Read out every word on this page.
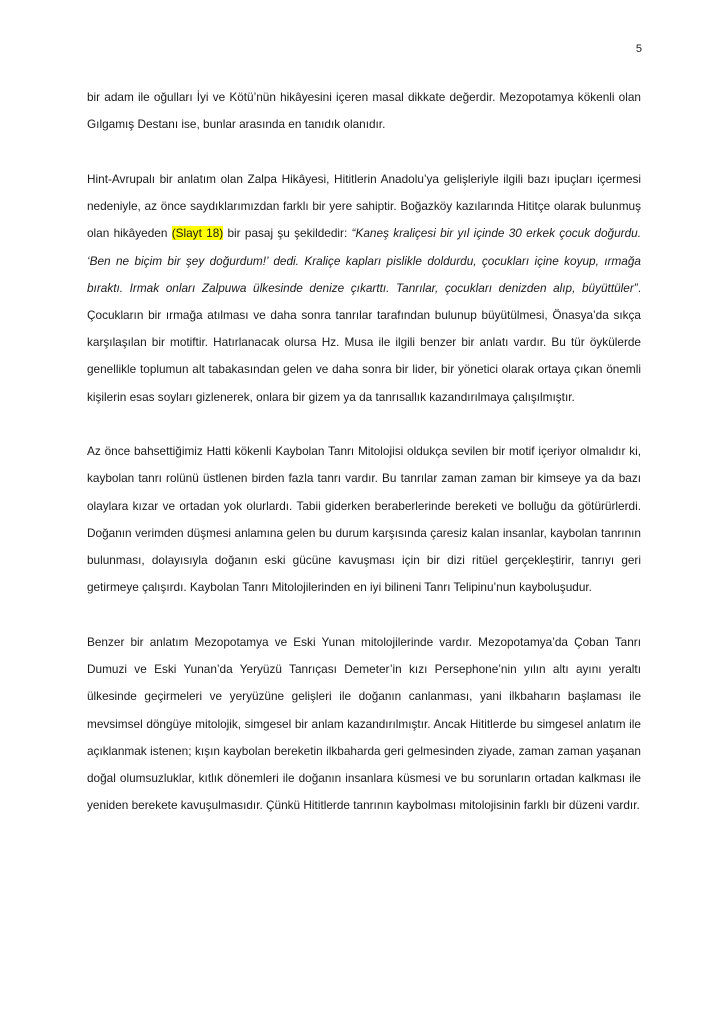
5

bir adam ile oğulları İyi ve Kötü’nün hikâyesini içeren masal dikkate değerdir. Mezopotamya kökenli olan Gılgamış Destanı ise, bunlar arasında en tanıdık olanıdır.

Hint-Avrupalı bir anlatım olan Zalpa Hikâyesi, Hititlerin Anadolu’ya gelişleriyle ilgili bazı ipuçları içermesi nedeniyle, az önce saydıklarımızdan farklı bir yere sahiptir. Boğazköy kazılarında Hititçe olarak bulunmuş olan hikâyeden (Slayt 18) bir pasaj şu şekildedir: “Kaneş kraliçesi bir yıl içinde 30 erkek çocuk doğurdu. ‘Ben ne biçim bir şey doğurdum!’ dedi. Kraliçe kapları pislikle doldurdu, çocukları içine koyup, ırmağa bıraktı. Irmak onları Zalpuwa ülkesinde denize çıkarttı. Tanrılar, çocukları denizden alıp, büyüttüler”. Çocukların bir ırmağa atılması ve daha sonra tanrılar tarafından bulunup büyütülmesi, Önasya’da sıkça karşılaşılan bir motiftir. Hatırlanacak olursa Hz. Musa ile ilgili benzer bir anlatı vardır. Bu tür öykülerde genellikle toplumun alt tabakasından gelen ve daha sonra bir lider, bir yönetici olarak ortaya çıkan önemli kişilerin esas soyları gizlenerek, onlara bir gizem ya da tanrısallık kazandırılmaya çalışılmıştır.

Az önce bahsettiğimiz Hatti kökenli Kaybolan Tanrı Mitolojisi oldukça sevilen bir motif içeriyor olmalıdır ki, kaybolan tanrı rolünü üstlenen birden fazla tanrı vardır. Bu tanrılar zaman zaman bir kimseye ya da bazı olaylara kızar ve ortadan yok olurlardı. Tabii giderken beraberlerinde bereketi ve bolluğu da götürürlerdi. Doğanın verimden düşmesi anlamına gelen bu durum karşısında çaresiz kalan insanlar, kaybolan tanrının bulunması, dolayısıyla doğanın eski gücüne kavuşması için bir dizi ritüel gerçekleştirir, tanrıyı geri getirmeye çalışırdı. Kaybolan Tanrı Mitolojilerinden en iyi bilineni Tanrı Telipinu’nun kayboluşudur.

Benzer bir anlatım Mezopotamya ve Eski Yunan mitolojilerinde vardır. Mezopotamya’da Çoban Tanrı Dumuzi ve Eski Yunan’da Yeryüzü Tanrıçası Demeter’in kızı Persephone’nin yılın altı ayını yeraltı ülkesinde geçirmeleri ve yeryüzüne gelişleri ile doğanın canlanması, yani ilkbaharın başlaması ile mevsimsel döngüye mitolojik, simgesel bir anlam kazandırılmıştır. Ancak Hititlerde bu simgesel anlatım ile açıklanmak istenen; kışın kaybolan bereketin ilkbaharda geri gelmesinden ziyade, zaman zaman yaşanan doğal olumsuzluklar, kıtlık dönemleri ile doğanın insanlara küsmesi ve bu sorunların ortadan kalkması ile yeniden berekete kavuşulmasıdır. Çünkü Hititlerde tanrının kaybolması mitolojisinin farklı bir düzeni vardır.
